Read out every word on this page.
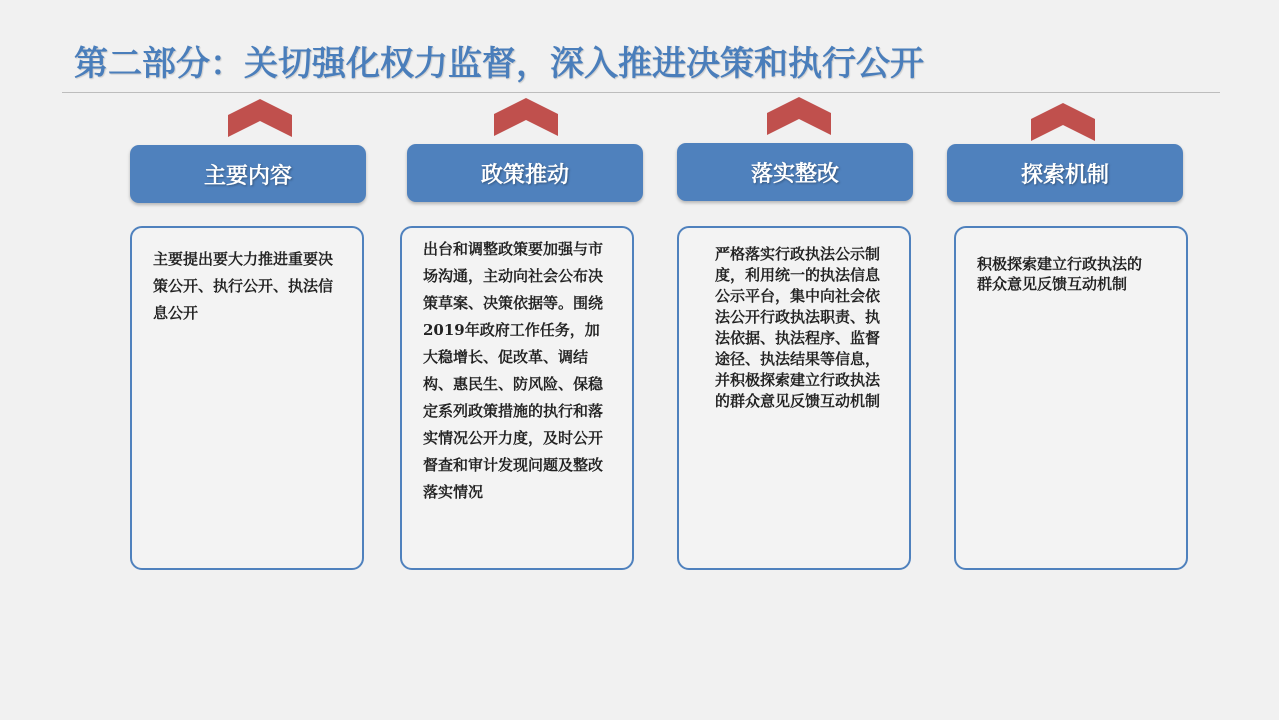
第二部分：关切强化权力监督，深入推进决策和执行公开
主要内容
主要提出要大力推进重要决策公开、执行公开、执法信息公开
政策推动
出台和调整政策要加强与市场沟通，主动向社会公布决策草案、决策依据等。围绕2019年政府工作任务，加大稳增长、促改革、调结构、惠民生、防风险、保稳定系列政策措施的执行和落实情况公开力度，及时公开督查和审计发现问题及整改落实情况
落实整改
严格落实行政执法公示制度，利用统一的执法信息公示平台，集中向社会依法公开行政执法职责、执法依据、执法程序、监督途径、执法结果等信息，并积极探索建立行政执法的群众意见反馈互动机制
探索机制
积极探索建立行政执法的群众意见反馈互动机制
